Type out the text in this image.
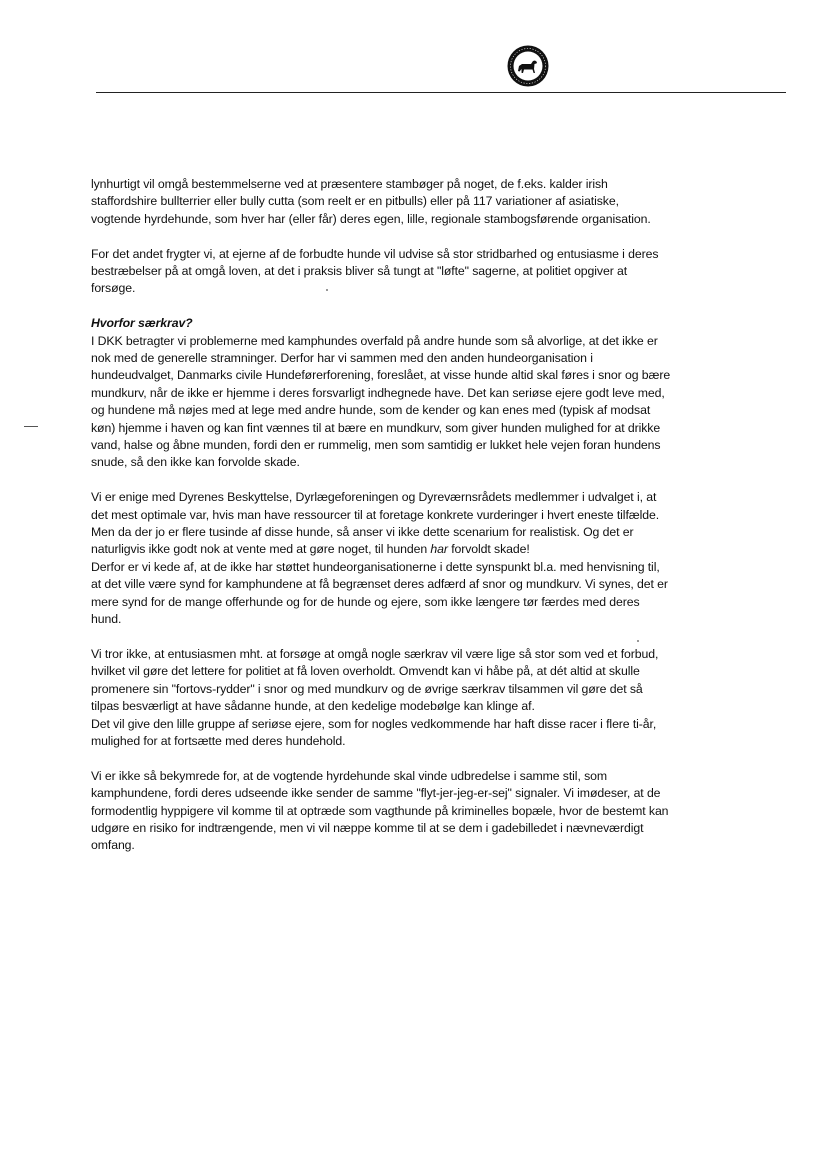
lynhurtigt vil omgå bestemmelserne ved at præsentere stambøger på noget, de f.eks. kalder irish
staffordshire bullterrier eller bully cutta (som reelt er en pitbulls) eller på 117 variationer af asiatiske,
vogtende hyrdehunde, som hver har (eller får) deres egen, lille, regionale stambogsførende organisation.

For det andet frygter vi, at ejerne af de forbudte hunde vil udvise så stor stridbarhed og entusiasme i deres
bestræbelser på at omgå loven, at det i praksis bliver så tungt at "løfte" sagerne, at politiet opgiver at
forsøge.

Hvorfor særkrav?
I DKK betragter vi problemerne med kamphundes overfald på andre hunde som så alvorlige, at det ikke er
nok med de generelle stramninger. Derfor har vi sammen med den anden hundeorganisation i
hundeudvalget, Danmarks civile Hundeførerforening, foreslået, at visse hunde altid skal føres i snor og bære
mundkurv, når de ikke er hjemme i deres forsvarligt indhegnede have. Det kan seriøse ejere godt leve med,
og hundene må nøjes med at lege med andre hunde, som de kender og kan enes med (typisk af modsat
køn) hjemme i haven og kan fint vænnes til at bære en mundkurv, som giver hunden mulighed for at drikke
vand, halse og åbne munden, fordi den er rummelig, men som samtidig er lukket hele vejen foran hundens
snude, så den ikke kan forvolde skade.

Vi er enige med Dyrenes Beskyttelse, Dyrlægeforeningen og Dyreværnsrådets medlemmer i udvalget i, at
det mest optimale var, hvis man have ressourcer til at foretage konkrete vurderinger i hvert eneste tilfælde.
Men da der jo er flere tusinde af disse hunde, så anser vi ikke dette scenarium for realistisk. Og det er
naturligvis ikke godt nok at vente med at gøre noget, til hunden har forvoldt skade!
Derfor er vi kede af, at de ikke har støttet hundeorganisationerne i dette synspunkt bl.a. med henvisning til,
at det ville være synd for kamphundene at få begrænset deres adfærd af snor og mundkurv. Vi synes, det er
mere synd for de mange offerhunde og for de hunde og ejere, som ikke længere tør færdes med deres
hund.

Vi tror ikke, at entusiasmen mht. at forsøge at omgå nogle særkrav vil være lige så stor som ved et forbud,
hvilket vil gøre det lettere for politiet at få loven overholdt. Omvendt kan vi håbe på, at dét altid at skulle
promenere sin "fortovs-rydder" i snor og med mundkurv og de øvrige særkrav tilsammen vil gøre det så
tilpas besværligt at have sådanne hunde, at den kedelige modebølge kan klinge af.
Det vil give den lille gruppe af seriøse ejere, som for nogles vedkommende har haft disse racer i flere ti-år,
mulighed for at fortsætte med deres hundehold.

Vi er ikke så bekymrede for, at de vogtende hyrdehunde skal vinde udbredelse i samme stil, som
kamphundene, fordi deres udseende ikke sender de samme "flyt-jer-jeg-er-sej" signaler. Vi imødeser, at de
formodentlig hyppigere vil komme til at optræde som vagthunde på kriminelles bopæle, hvor de bestemt kan
udgøre en risiko for indtrængende, men vi vil næppe komme til at se dem i gadebilledet i nævneværdigt
omfang.
